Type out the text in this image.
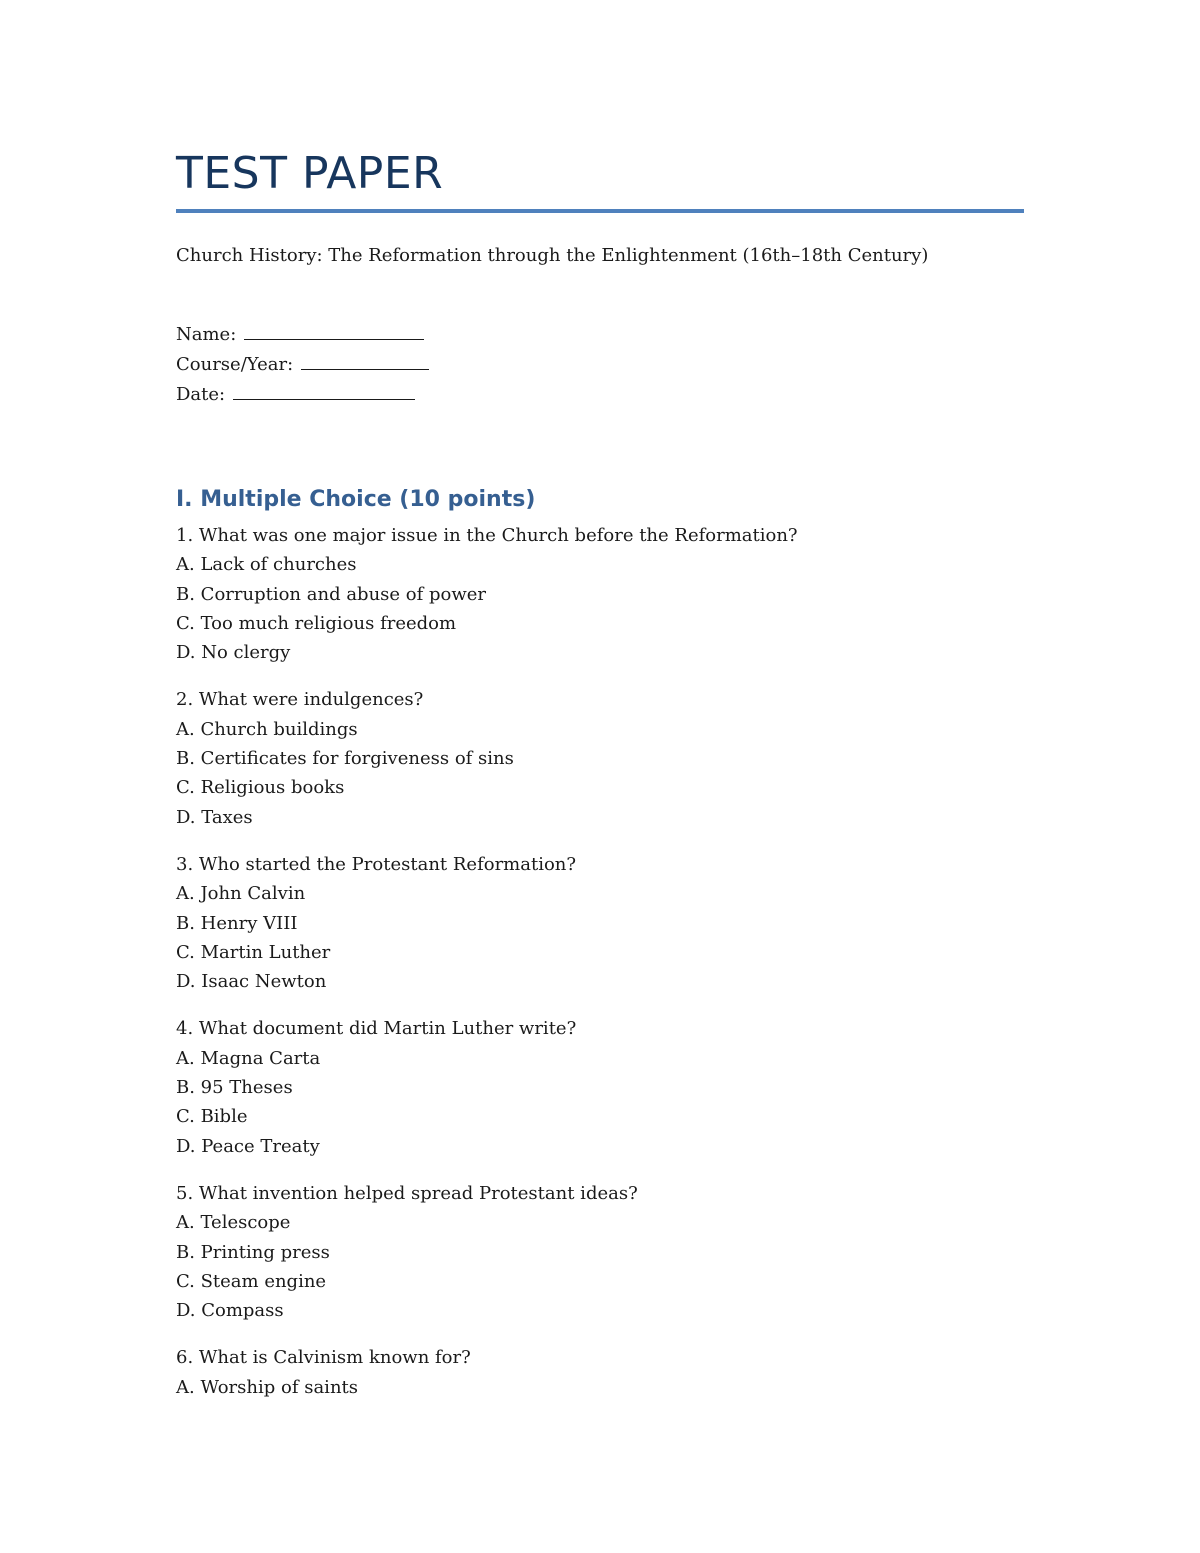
TEST PAPER

Church History: The Reformation through the Enlightenment (16th–18th Century)

Name:
Course/Year:
Date:
I. Multiple Choice (10 points)
1. What was one major issue in the Church before the Reformation?
A. Lack of churches
B. Corruption and abuse of power
C. Too much religious freedom
D. No clergy
2. What were indulgences?
A. Church buildings
B. Certificates for forgiveness of sins
C. Religious books
D. Taxes
3. Who started the Protestant Reformation?
A. John Calvin
B. Henry VIII
C. Martin Luther
D. Isaac Newton
4. What document did Martin Luther write?
A. Magna Carta
B. 95 Theses
C. Bible
D. Peace Treaty
5. What invention helped spread Protestant ideas?
A. Telescope
B. Printing press
C. Steam engine
D. Compass
6. What is Calvinism known for?
A. Worship of saints
